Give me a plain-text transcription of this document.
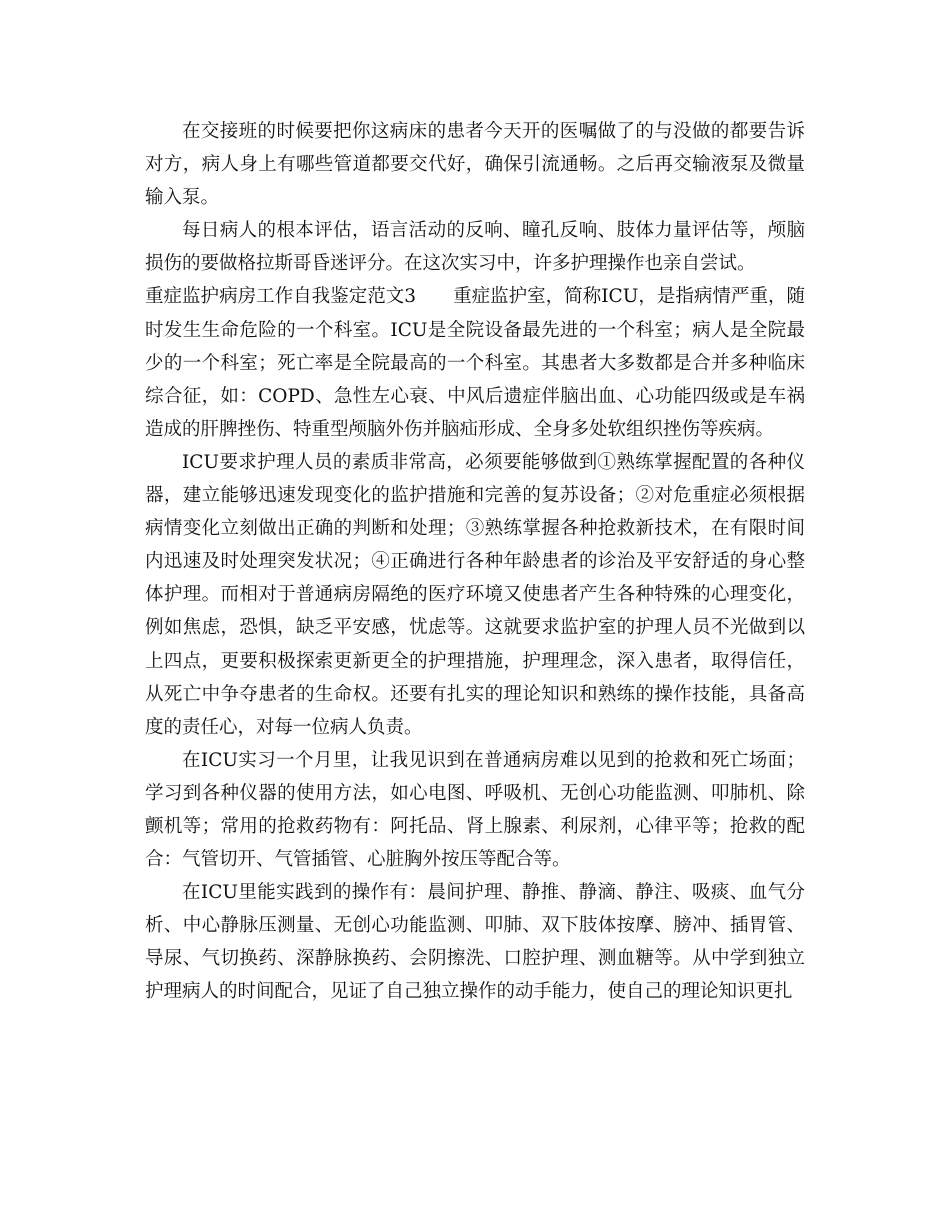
在交接班的时候要把你这病床的患者今天开的医嘱做了的与没做的都要告诉对方，病人身上有哪些管道都要交代好，确保引流通畅。之后再交输液泵及微量输入泵。

每日病人的根本评估，语言活动的反响、瞳孔反响、肢体力量评估等，颅脑损伤的要做格拉斯哥昏迷评分。在这次实习中，许多护理操作也亲自尝试。

重症监护病房工作自我鉴定范文3   重症监护室，简称ICU，是指病情严重，随时发生生命危险的一个科室。ICU是全院设备最先进的一个科室；病人是全院最少的一个科室；死亡率是全院最高的一个科室。其患者大多数都是合并多种临床综合征，如：COPD、急性左心衰、中风后遗症伴脑出血、心功能四级或是车祸造成的肝脾挫伤、特重型颅脑外伤并脑疝形成、全身多处软组织挫伤等疾病。

ICU要求护理人员的素质非常高，必须要能够做到①熟练掌握配置的各种仪器，建立能够迅速发现变化的监护措施和完善的复苏设备；②对危重症必须根据病情变化立刻做出正确的判断和处理；③熟练掌握各种抢救新技术，在有限时间内迅速及时处理突发状况；④正确进行各种年龄患者的诊治及平安舒适的身心整体护理。而相对于普通病房隔绝的医疗环境又使患者产生各种特殊的心理变化，例如焦虑，恐惧，缺乏平安感，忧虑等。这就要求监护室的护理人员不光做到以上四点，更要积极探索更新更全的护理措施，护理理念，深入患者，取得信任，从死亡中争夺患者的生命权。还要有扎实的理论知识和熟练的操作技能，具备高度的责任心，对每一位病人负责。

在ICU实习一个月里，让我见识到在普通病房难以见到的抢救和死亡场面；学习到各种仪器的使用方法，如心电图、呼吸机、无创心功能监测、叩肺机、除颤机等；常用的抢救药物有：阿托品、肾上腺素、利尿剂，心律平等；抢救的配合：气管切开、气管插管、心脏胸外按压等配合等。

在ICU里能实践到的操作有：晨间护理、静推、静滴、静注、吸痰、血气分析、中心静脉压测量、无创心功能监测、叩肺、双下肢体按摩、膀冲、插胃管、导尿、气切换药、深静脉换药、会阴擦洗、口腔护理、测血糖等。从中学到独立护理病人的时间配合，见证了自己独立操作的动手能力，使自己的理论知识更扎
